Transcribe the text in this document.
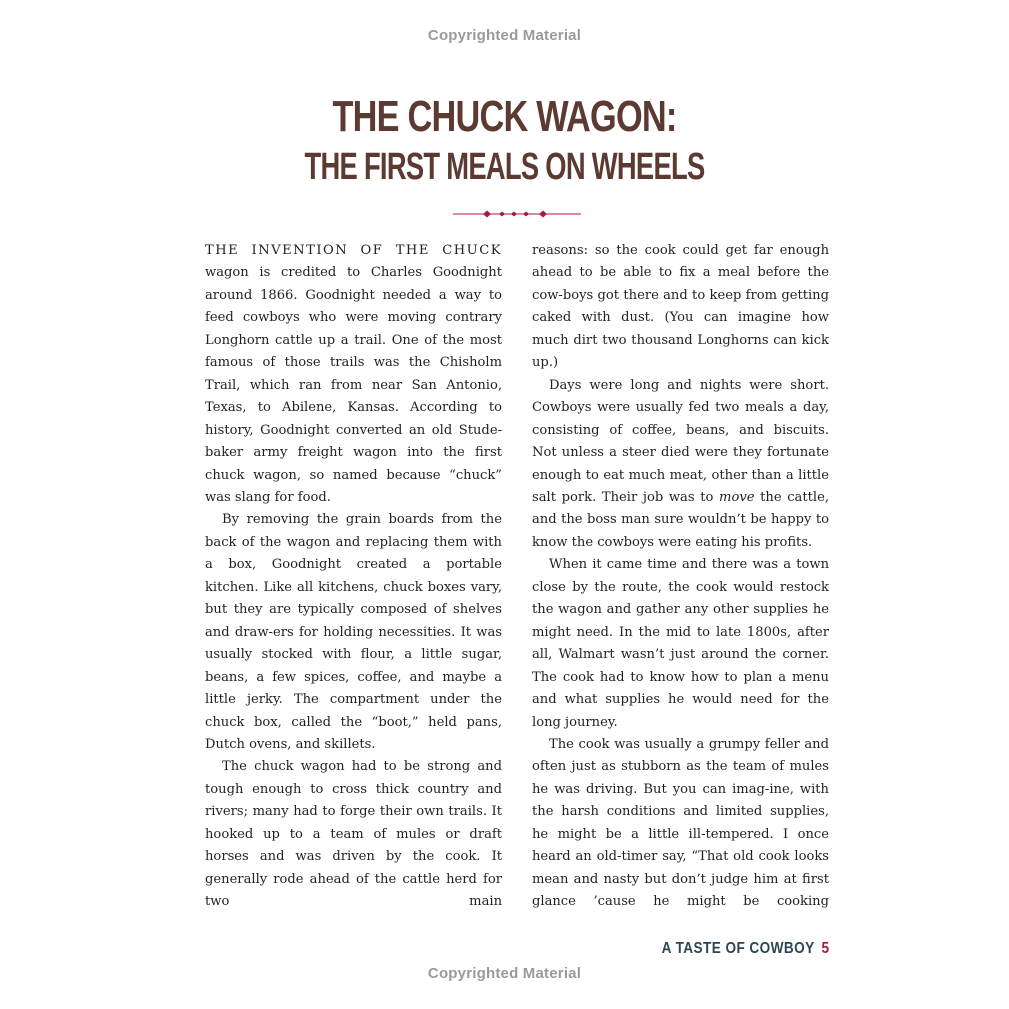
Copyrighted Material
THE CHUCK WAGON:
THE FIRST MEALS ON WHEELS

THE INVENTION OF THE CHUCK wagon is credited to Charles Goodnight around 1866. Goodnight needed a way to feed cowboys who were moving contrary Longhorn cattle up a trail. One of the most famous of those trails was the Chisholm Trail, which ran from near San Antonio, Texas, to Abilene, Kansas. According to history, Goodnight converted an old Stude-baker army freight wagon into the first chuck wagon, so named because “chuck” was slang for food.

By removing the grain boards from the back of the wagon and replacing them with a box, Goodnight created a portable kitchen. Like all kitchens, chuck boxes vary, but they are typically composed of shelves and draw-ers for holding necessities. It was usually stocked with flour, a little sugar, beans, a few spices, coffee, and maybe a little jerky. The compartment under the chuck box, called the “boot,” held pans, Dutch ovens, and skillets.

The chuck wagon had to be strong and tough enough to cross thick country and rivers; many had to forge their own trails. It hooked up to a team of mules or draft horses and was driven by the cook. It generally rode ahead of the cattle herd for two main

reasons: so the cook could get far enough ahead to be able to fix a meal before the cow-boys got there and to keep from getting caked with dust. (You can imagine how much dirt two thousand Longhorns can kick up.)

Days were long and nights were short. Cowboys were usually fed two meals a day, consisting of coffee, beans, and biscuits. Not unless a steer died were they fortunate enough to eat much meat, other than a little salt pork. Their job was to move the cattle, and the boss man sure wouldn’t be happy to know the cowboys were eating his profits.

When it came time and there was a town close by the route, the cook would restock the wagon and gather any other supplies he might need. In the mid to late 1800s, after all, Walmart wasn’t just around the corner. The cook had to know how to plan a menu and what supplies he would need for the long journey.

The cook was usually a grumpy feller and often just as stubborn as the team of mules he was driving. But you can imag-ine, with the harsh conditions and limited supplies, he might be a little ill-tempered. I once heard an old-timer say, “That old cook looks mean and nasty but don’t judge him at first glance ’cause he might be cooking

A TASTE OF COWBOY 5
Copyrighted Material
